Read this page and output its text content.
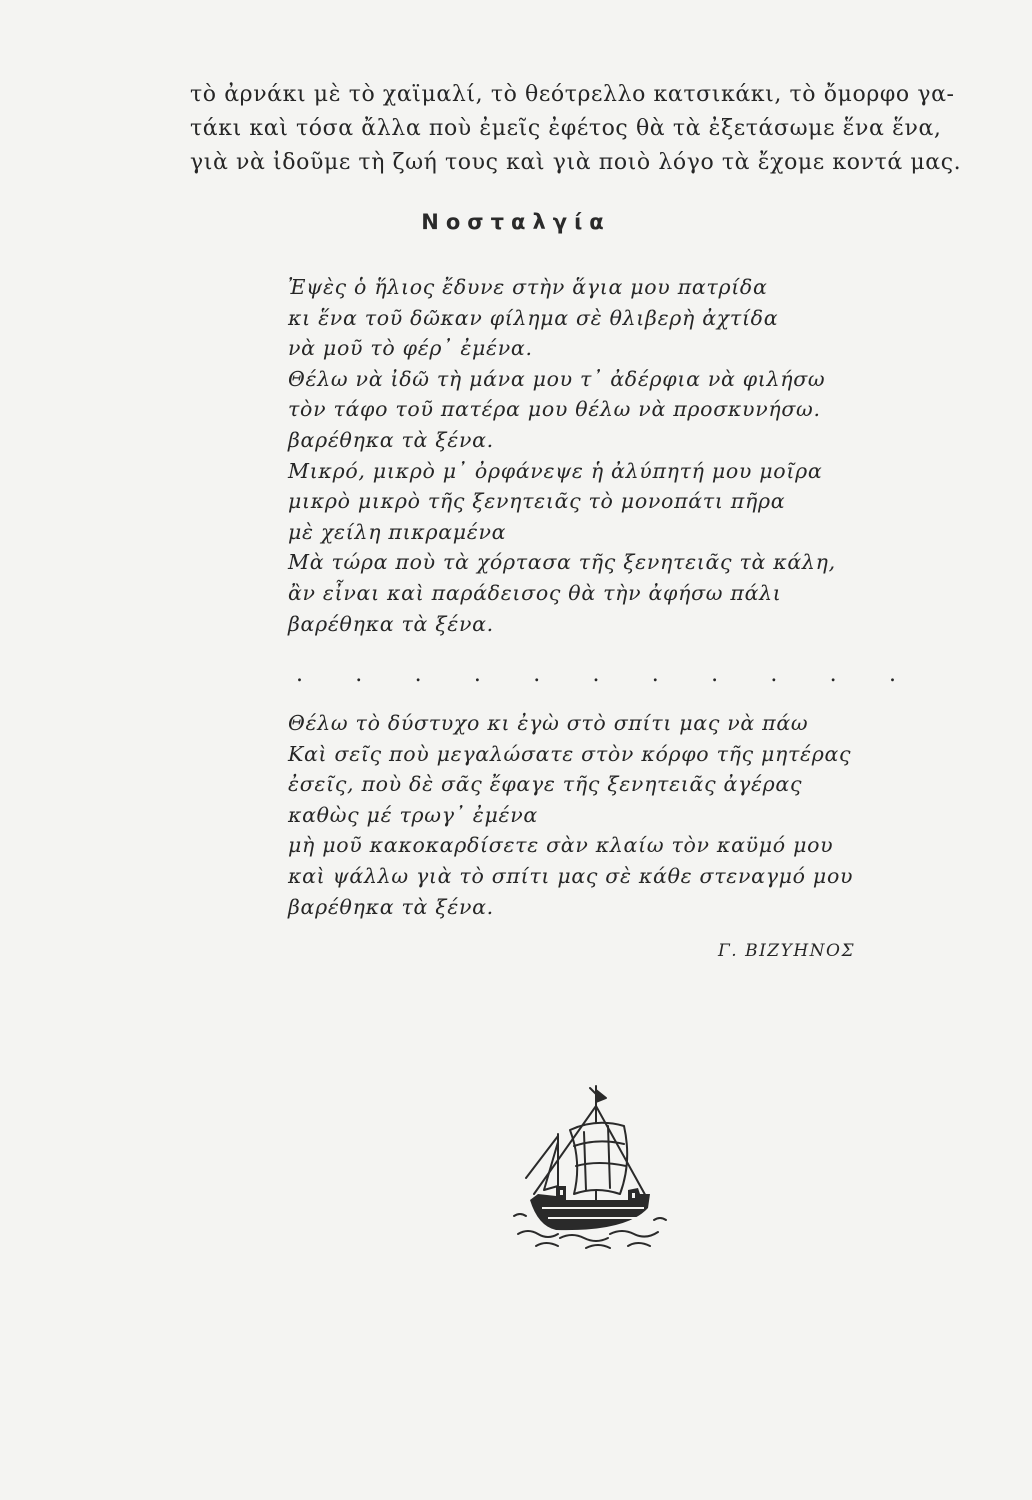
τὸ ἀρνάκι μὲ τὸ χαϊμαλί, τὸ θεότρελλο κατσικάκι, τὸ ὄμορφο γα-

τάκι καὶ τόσα ἄλλα ποὺ ἐμεῖς ἐφέτος θὰ τὰ ἐξετάσωμε ἕνα ἕνα,

γιὰ νὰ ἰδοῦμε τὴ ζωή τους καὶ γιὰ ποιὸ λόγο τὰ ἔχομε κοντά μας.

Νοσταλγία

Ἐψὲς ὁ ἥλιος ἔδυνε στὴν ἅγια μου πατρίδα

κι ἕνα τοῦ δῶκαν φίλημα σὲ θλιβερὴ ἀχτίδα

νὰ μοῦ τὸ φέρ᾽ ἐμένα.

Θέλω νὰ ἰδῶ τὴ μάνα μου τ᾽ ἀδέρφια νὰ φιλήσω

τὸν τάφο τοῦ πατέρα μου θέλω νὰ προσκυνήσω.

βαρέθηκα τὰ ξένα.

Μικρό, μικρὸ μ᾽ ὀρφάνεψε ἡ ἀλύπητή μου μοῖρα

μικρὸ μικρὸ τῆς ξενητειᾶς τὸ μονοπάτι πῆρα

μὲ χείλη πικραμένα

Μὰ τώρα ποὺ τὰ χόρτασα τῆς ξενητειᾶς τὰ κάλη,

ἂν εἶναι καὶ παράδεισος θὰ τὴν ἀφήσω πάλι

βαρέθηκα τὰ ξένα.

. . . . . . . . . . .

Θέλω τὸ δύστυχο κι ἐγὼ στὸ σπίτι μας νὰ πάω

Καὶ σεῖς ποὺ μεγαλώσατε στὸν κόρφο τῆς μητέρας

ἐσεῖς, ποὺ δὲ σᾶς ἔφαγε τῆς ξενητειᾶς ἀγέρας

καθὼς μέ τρωγ᾽ ἐμένα

μὴ μοῦ κακοκαρδίσετε σὰν κλαίω τὸν καϋμό μου

καὶ ψάλλω γιὰ τὸ σπίτι μας σὲ κάθε στεναγμό μου

βαρέθηκα τὰ ξένα.

Γ. ΒΙΖΥΗΝΟΣ
